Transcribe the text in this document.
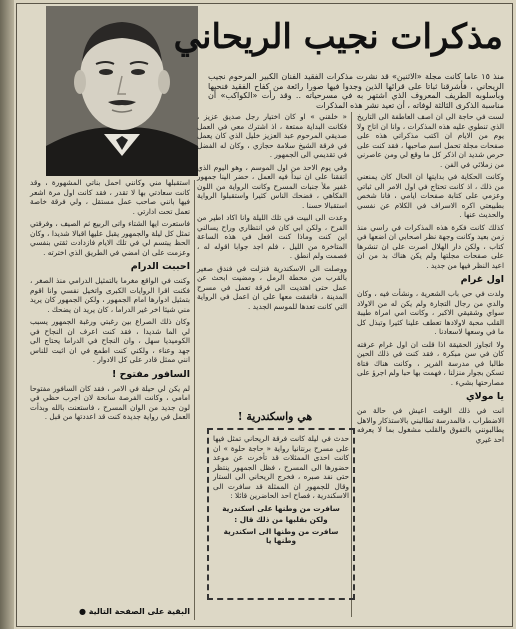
مذكرات نجيب الريحاني
منذ ١٥ عاما كانت مجلة «الاثنين» قد نشرت مذكرات الفقيد الفنان الكبير المرحوم نجيب الريحاني ، فأشرقنا ثباتا على قرائها الذين وجدوا فيها صورا رائعة من كفاح الفقيد فنحيها وبأسلوبه الطريف المعروف الذي اشتهر به في مسرحياته .. وقد رأت «الكواكب» أن مناسبة الذكرى الثالثة لوفاته ، أن تعيد نشر هذه المذكرات

لست في حاجة الى ان اصف العاطفة الى التاريخ الذي تنطوي عليه هذه المذكرات ، وانا ان اتاح ولا يوم من الايام ان اكتب مذكراتي هذه على صفحات مجلة تحمل اسم صاحبها ، فقد كنت على حرص شديد ان اذكر كل ما وقع لي ومن عاصرني من زملائي في الفن .

وكانت الحكاية في بدايتها ان الحال كان يمنعني من ذلك ، اذ كانت تحتاج في اول الامر الى ثباتي وعزمي على كتابة صفحات ايامي ، فانا شخص بطبيعتي اكره الاسراف في الكلام عن نفسي والحديث عنها .

كذلك كانت فكرة هذه المذكرات في راسي منذ زمن بعيد وكانت وجهة نظر اصحابي ان اضعها في كتاب ، ولكن دار الهلال اصرت على ان تنشرها على صفحات مجلتها ولم يكن هناك بد من ان اعيد النظر فيها من جديد .

اول غرام

ولدت في حي باب الشعرية ، ونشأت فيه ، وكان والدي من رجال التجارة ولم يكن له من الاولاد سواي وشقيقي الاكبر ، وكانت امي امراة طيبة القلب محبة لاولادها تعطف علينا كثيرا وتبذل كل ما في وسعها لاسعادنا .

ولا اتجاوز الحقيقة اذا قلت ان اول غرام عرفته كان في سن مبكرة ، فقد كنت في ذلك الحين طالبا في مدرسة الفرير ، وكانت هناك فتاة تسكن بجوار منزلنا ، فهمت بها حبا ولم اجرؤ على مصارحتها بشيء .

يا مولاي

انت في ذلك الوقت اعيش في حالة من الاضطراب ، فالمدرسة تطالبني بالاستذكار والاهل يطالبونني بالتفوق والقلب مشغول بما لا يعرفه احد غيري

« خلقني » او كان اختيار رجل صديق عزيز ، فكانت البداية ممتعة ، اذ اشترك معي في العمل صديقي المرحوم عبد العزيز خليل الذي كان يعمل في فرقة الشيخ سلامة حجازي ، وكان له الفضل في تقديمي الى الجمهور .

وفي يوم الاحد من اول الموسم ، وهو اليوم الذي اتفقنا على ان نبدأ فيه العمل ، حضر الينا جمهور غفير ملأ جنبات المسرح وكانت الرواية من اللون الفكاهي ، فضحك الناس كثيرا واستقبلوا الرواية استقبالا حسنا .

وعدت الى البيت في تلك الليلة وانا اكاد اطير من الفرح ، ولكن ابي كان في انتظاري وراح يسالني اين كنت وماذا كنت افعل في هذه الساعة المتاخرة من الليل ، فلم اجد جوابا اقوله له ، فصمت ولم انطق .

ووصلت الى الاسكندرية فنزلت في فندق صغير بالقرب من محطة الرمل ، ومضيت ابحث عن عمل حتى اهتديت الى فرقة تعمل في مسرح المدينة ، فاتفقت معها على ان اعمل في الرواية التي كانت تعدها للموسم الجديد .

هي واسكندرية !

حدث في ليلة كانت فرقة الريحاني تمثل فيها على مسرح برنتانيا رواية « حاجة حلوة » ان كانت احدى الممثلات قد تأخرت عن موعد حضورها الى المسرح ، فظل الجمهور ينتظر حتى نفد صبره ، فخرج الريحاني الى الستار وقال للجمهور ان الممثلة قد سافرت الى الاسكندرية ، فصاح احد الحاضرين قائلا :

سافرت من وطنها على اسكندرية
ولكن بقلبها من ذلك قال :
سافرت من وطنها الى اسكندرية وطنها يا

استقبلها مني وكانني احمل بناتي المشهورة ، وقد كانت سعادتي بها لا تقدر ، فقد كانت اول مرة اشعر فيها بانني صاحب عمل مستقل ، ولي فرقة خاصة تعمل تحت ادارتي .

فاستعرت ايها الشتاء واتى الربيع ثم الصيف ، وفرقتي تمثل كل ليلة والجمهور يقبل عليها اقبالا شديدا ، وكان الحظ يبتسم لي في تلك الايام فازدادت ثقتي بنفسي وعزمت على ان امضي في الطريق الذي اخترته .

احببت الدرام

وكنت في الواقع مغرما بالتمثيل الدرامي منذ الصغر ، فكنت اقرا الروايات الكبرى واتخيل نفسي وانا اقوم بتمثيل ادوارها امام الجمهور ، ولكن الجمهور كان يريد مني شيئا اخر غير الدراما ، كان يريد ان يضحك .

وكان ذلك الصراع بين رغبتي ورغبة الجمهور يسبب لي الما شديدا ، فقد كنت اعرف ان النجاح في الكوميديا سهل ، وان النجاح في الدراما يحتاج الى جهد وعناء ، ولكني كنت اطمع في ان اثبت للناس انني ممثل قادر على كل الادوار .

السافور مفتوح !

لم يكن لي حيلة في الامر ، فقد كان السافور مفتوحا امامي ، وكانت الفرصة سانحة لان اجرب حظي في لون جديد من الوان المسرح ، فاستعنت بالله وبدأت العمل في رواية جديدة كنت قد اعددتها من قبل .

البقية على الصفحة التالية ●
